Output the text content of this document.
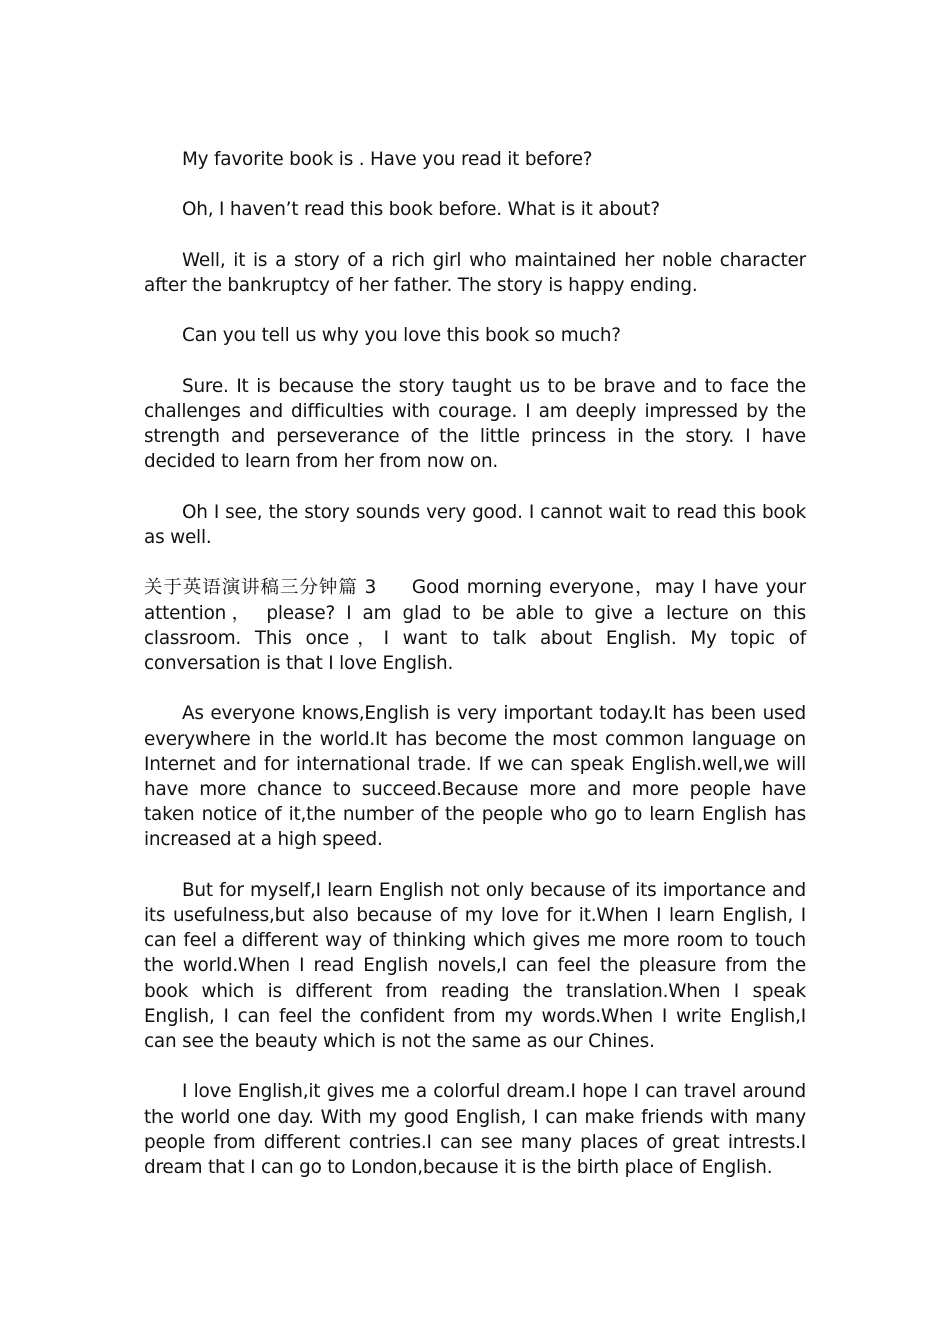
My favorite book is . Have you read it before?

Oh, I haven’t read this book before. What is it about?

Well, it is a story of a rich girl who maintained her noble character after the bankruptcy of her father. The story is happy ending.

Can you tell us why you love this book so much?

Sure. It is because the story taught us to be brave and to face the challenges and difficulties with courage. I am deeply impressed by the strength and perseverance of the little princess in the story. I have decided to learn from her from now on.

Oh I see, the story sounds very good. I cannot wait to read this book as well.

关于英语演讲稿三分钟篇 3 Good morning everyone，may I have your attention， please? I am glad to be able to give a lecture on this classroom. This once，I want to talk about English. My topic of conversation is that I love English.

As everyone knows,English is very important today.It has been used everywhere in the world.It has become the most common language on Internet and for international trade. If we can speak English.well,we will have more chance to succeed.Because more and more people have taken notice of it,the number of the people who go to learn English has increased at a high speed.

But for myself,I learn English not only because of its importance and its usefulness,but also because of my love for it.When I learn English, I can feel a different way of thinking which gives me more room to touch the world.When I read English novels,I can feel the pleasure from the book which is different from reading the translation.When I speak English, I can feel the confident from my words.When I write English,I can see the beauty which is not the same as our Chines.

I love English,it gives me a colorful dream.I hope I can travel around the world one day. With my good English, I can make friends with many people from different contries.I can see many places of great intrests.I dream that I can go to London,because it is the birth place of English.
